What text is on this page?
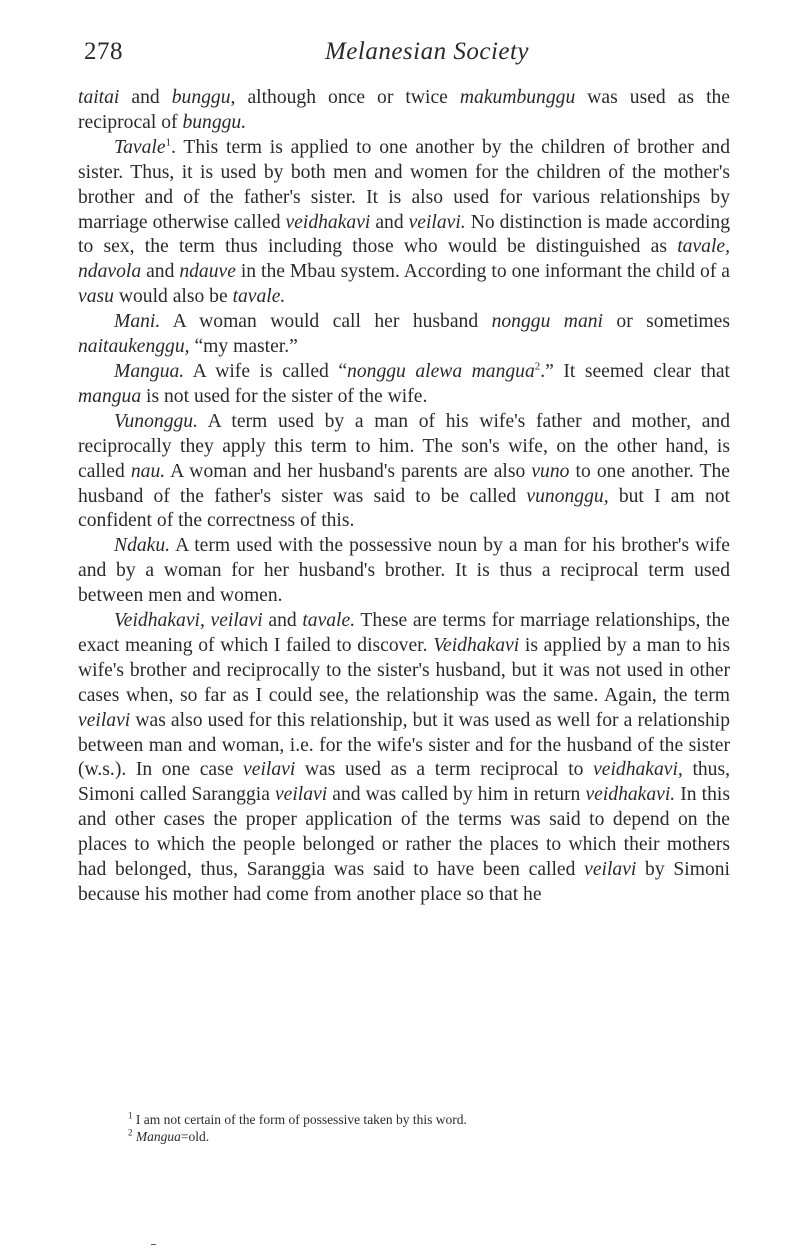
278	Melanesian Society

taitai and bunggu, although once or twice makumbunggu was used as the reciprocal of bunggu.

Tavale$^1$. This term is applied to one another by the children of brother and sister. Thus, it is used by both men and women for the children of the mother's brother and of the father's sister. It is also used for various relationships by marriage otherwise called veidhakavi and veilavi. No distinction is made according to sex, the term thus including those who would be distinguished as tavale, ndavola and ndauve in the Mbau system. According to one informant the child of a vasu would also be tavale.

Mani. A woman would call her husband nonggu mani or sometimes naitaukenggu, “my master.”

Mangua. A wife is called “nonggu alewa mangua$^2$.” It seemed clear that mangua is not used for the sister of the wife.

Vunonggu. A term used by a man of his wife's father and mother, and reciprocally they apply this term to him. The son's wife, on the other hand, is called nau. A woman and her husband's parents are also vuno to one another. The husband of the father's sister was said to be called vunonggu, but I am not confident of the correctness of this.

Ndaku. A term used with the possessive noun by a man for his brother's wife and by a woman for her husband's brother. It is thus a reciprocal term used between men and women.

Veidhakavi, veilavi and tavale. These are terms for marriage relationships, the exact meaning of which I failed to discover. Veidhakavi is applied by a man to his wife's brother and reciprocally to the sister's husband, but it was not used in other cases when, so far as I could see, the relationship was the same. Again, the term veilavi was also used for this relationship, but it was used as well for a relationship between man and woman, i.e. for the wife's sister and for the husband of the sister (w.s.). In one case veilavi was used as a term reciprocal to veidhakavi, thus, Simoni called Saranggia veilavi and was called by him in return veidhakavi. In this and other cases the proper application of the terms was said to depend on the places to which the people belonged or rather the places to which their mothers had belonged, thus, Saranggia was said to have been called veilavi by Simoni because his mother had come from another place so that he

$^1$ I am not certain of the form of possessive taken by this word.

$^2$ Mangua=old.
